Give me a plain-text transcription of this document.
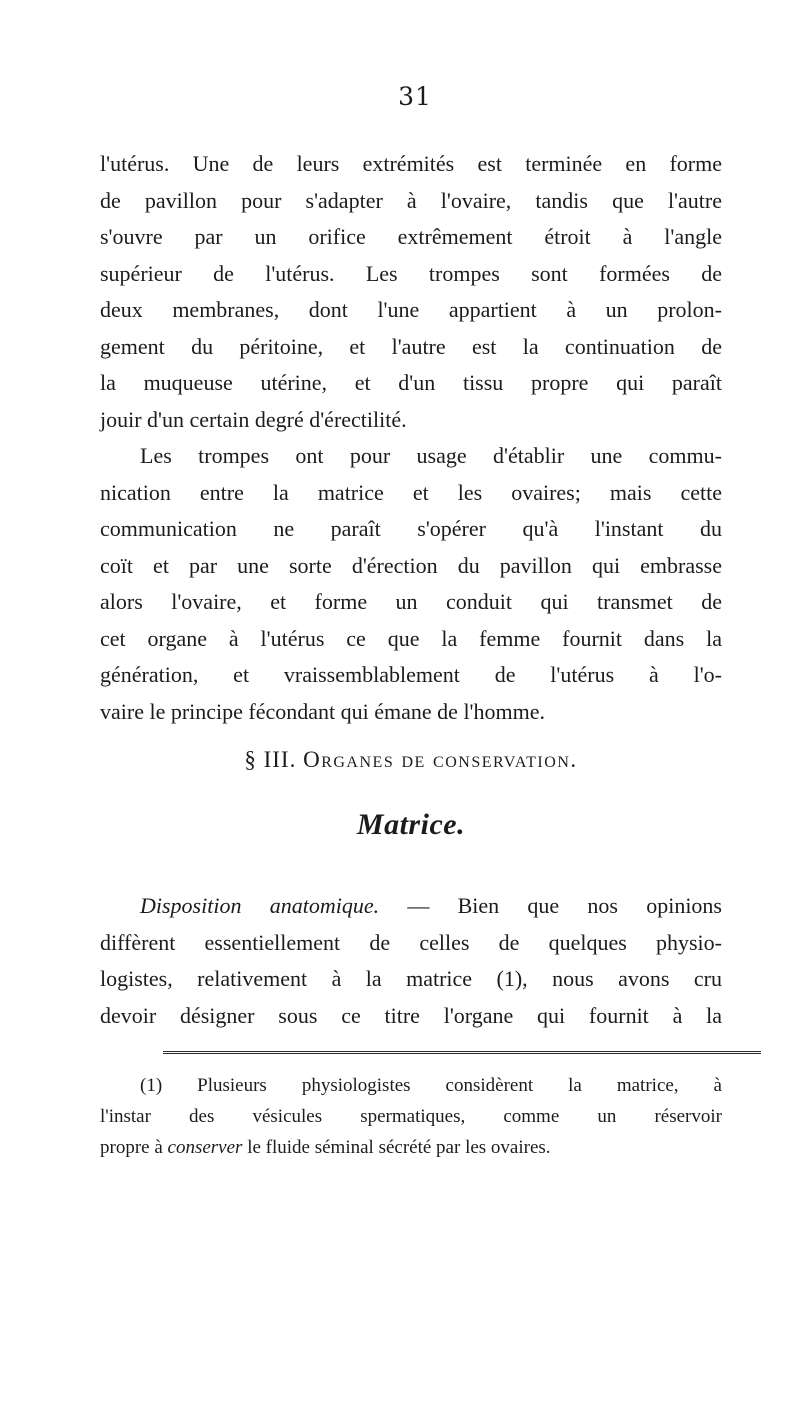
31
l'utérus. Une de leurs extrémités est terminée en forme
de pavillon pour s'adapter à l'ovaire, tandis que l'autre
s'ouvre par un orifice extrêmement étroit à l'angle
supérieur de l'utérus. Les trompes sont formées de
deux membranes, dont l'une appartient à un prolon-
gement du péritoine, et l'autre est la continuation de
la muqueuse utérine, et d'un tissu propre qui paraît
jouir d'un certain degré d'érectilité.
Les trompes ont pour usage d'établir une commu-
nication entre la matrice et les ovaires; mais cette
communication ne paraît s'opérer qu'à l'instant du
coït et par une sorte d'érection du pavillon qui embrasse
alors l'ovaire, et forme un conduit qui transmet de
cet organe à l'utérus ce que la femme fournit dans la
génération, et vraissemblablement de l'utérus à l'o-
vaire le principe fécondant qui émane de l'homme.
§ III. Organes de conservation.
Matrice.
Disposition anatomique. — Bien que nos opinions
diffèrent essentiellement de celles de quelques physio-
logistes, relativement à la matrice (1), nous avons cru
devoir désigner sous ce titre l'organe qui fournit à la
(1) Plusieurs physiologistes considèrent la matrice, à
l'instar des vésicules spermatiques, comme un réservoir
propre à conserver le fluide séminal sécrété par les ovaires.
